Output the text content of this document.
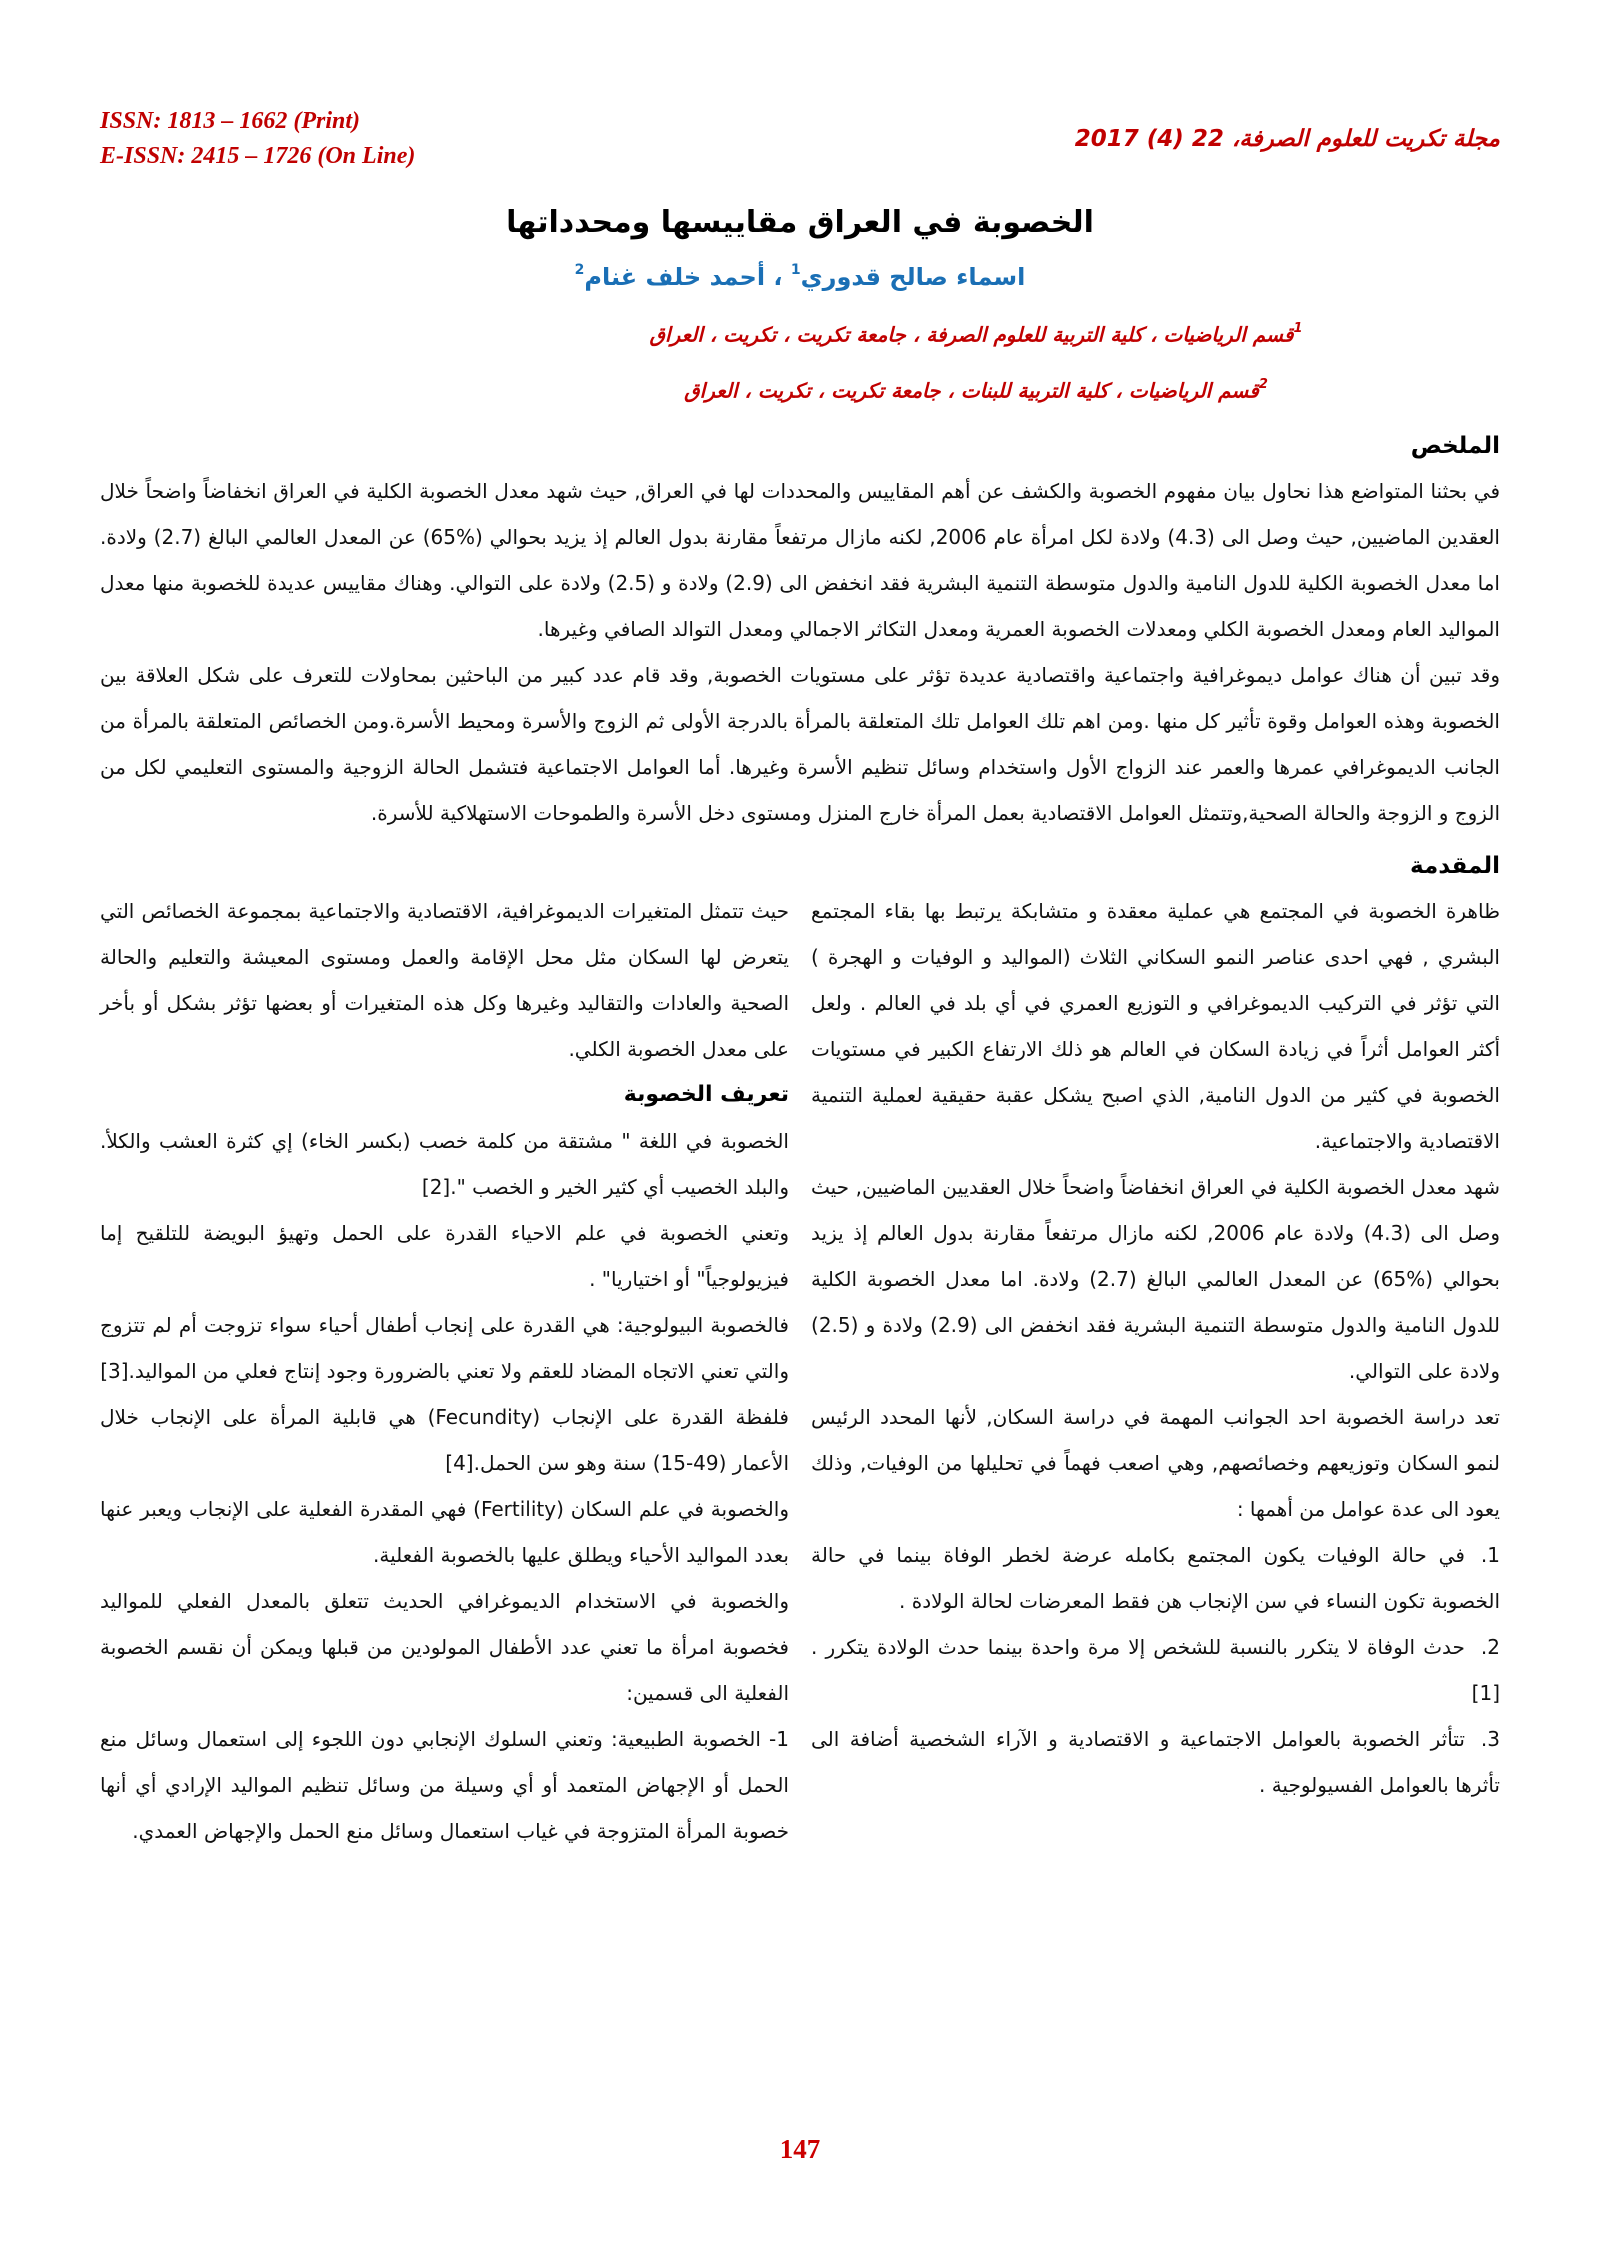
ISSN: 1813 – 1662 (Print)
E-ISSN: 2415 – 1726 (On Line)
مجلة تكريت للعلوم الصرفة، 22 (4) 2017
الخصوبة في العراق مقاييسها ومحدداتها
اسماء صالح قدوري$^1$ ، أحمد خلف غنام$^2$
$^1$قسم الرياضيات ، كلية التربية للعلوم الصرفة ، جامعة تكريت ، تكريت ، العراق
$^2$قسم الرياضيات ، كلية التربية للبنات ، جامعة تكريت ، تكريت ، العراق
الملخص

في بحثنا المتواضع هذا نحاول بيان مفهوم الخصوبة والكشف عن أهم المقاييس والمحددات لها في العراق, حيث شهد معدل الخصوبة الكلية في العراق انخفاضاً واضحاً خلال العقدين الماضيين, حيث وصل الى (4.3) ولادة لكل امرأة عام 2006, لكنه مازال مرتفعاً مقارنة بدول العالم إذ يزيد بحوالي (%65) عن المعدل العالمي البالغ (2.7) ولادة. اما معدل الخصوبة الكلية للدول النامية والدول متوسطة التنمية البشرية فقد انخفض الى (2.9) ولادة و (2.5) ولادة على التوالي. وهناك مقاييس عديدة للخصوبة منها معدل المواليد العام ومعدل الخصوبة الكلي ومعدلات الخصوبة العمرية ومعدل التكاثر الاجمالي ومعدل التوالد الصافي وغيرها.

وقد تبين أن هناك عوامل ديموغرافية واجتماعية واقتصادية عديدة تؤثر على مستويات الخصوبة, وقد قام عدد كبير من الباحثين بمحاولات للتعرف على شكل العلاقة بين الخصوبة وهذه العوامل وقوة تأثير كل منها .ومن اهم تلك العوامل تلك المتعلقة بالمرأة بالدرجة الأولى ثم الزوج والأسرة ومحيط الأسرة.ومن الخصائص المتعلقة بالمرأة من الجانب الديموغرافي عمرها والعمر عند الزواج الأول واستخدام وسائل تنظيم الأسرة وغيرها. أما العوامل الاجتماعية فتشمل الحالة الزوجية والمستوى التعليمي لكل من الزوج و الزوجة والحالة الصحية,وتتمثل العوامل الاقتصادية بعمل المرأة خارج المنزل ومستوى دخل الأسرة والطموحات الاستهلاكية للأسرة.

المقدمة

ظاهرة الخصوبة في المجتمع هي عملية معقدة و متشابكة يرتبط بها بقاء المجتمع البشري , فهي احدى عناصر النمو السكاني الثلاث (المواليد و الوفيات و الهجرة ) التي تؤثر في التركيب الديموغرافي و التوزيع العمري في أي بلد في العالم . ولعل أكثر العوامل أثراً في زيادة السكان في العالم هو ذلك الارتفاع الكبير في مستويات الخصوبة في كثير من الدول النامية, الذي اصبح يشكل عقبة حقيقية لعملية التنمية الاقتصادية والاجتماعية.

شهد معدل الخصوبة الكلية في العراق انخفاضاً واضحاً خلال العقديين الماضيين, حيث وصل الى (4.3) ولادة عام 2006, لكنه مازال مرتفعاً مقارنة بدول العالم إذ يزيد بحوالي (%65) عن المعدل العالمي البالغ (2.7) ولادة. اما معدل الخصوبة الكلية للدول النامية والدول متوسطة التنمية البشرية فقد انخفض الى (2.9) ولادة و (2.5) ولادة على التوالي.

تعد دراسة الخصوبة احد الجوانب المهمة في دراسة السكان, لأنها المحدد الرئيس لنمو السكان وتوزيعهم وخصائصهم, وهي اصعب فهماً في تحليلها من الوفيات, وذلك يعود الى عدة عوامل من أهمها :

1.في حالة الوفيات يكون المجتمع بكامله عرضة لخطر الوفاة بينما في حالة الخصوبة تكون النساء في سن الإنجاب هن فقط المعرضات لحالة الولادة .

2.حدث الوفاة لا يتكرر بالنسبة للشخص إلا مرة واحدة بينما حدث الولادة يتكرر .[1]

3.تتأثر الخصوبة بالعوامل الاجتماعية و الاقتصادية و الآراء الشخصية أضافة الى تأثرها بالعوامل الفسيولوجية .

حيث تتمثل المتغيرات الديموغرافية، الاقتصادية والاجتماعية بمجموعة الخصائص التي يتعرض لها السكان مثل محل الإقامة والعمل ومستوى المعيشة والتعليم والحالة الصحية والعادات والتقاليد وغيرها وكل هذه المتغيرات أو بعضها تؤثر بشكل أو بأخر على معدل الخصوبة الكلي.

تعريف الخصوبة

الخصوبة في اللغة " مشتقة من كلمة خصب (بكسر الخاء) إي كثرة العشب والكلأ. والبلد الخصيب أي كثير الخير و الخصب ".[2]

وتعني الخصوبة في علم الاحياء القدرة على الحمل وتهيؤ البويضة للتلقيح إما فيزيولوجياً" أو اختياريا" .

فالخصوبة البيولوجية: هي القدرة على إنجاب أطفال أحياء سواء تزوجت أم لم تتزوج والتي تعني الاتجاه المضاد للعقم ولا تعني بالضرورة وجود إنتاج فعلي من المواليد.[3]

فلفظة القدرة على الإنجاب (Fecundity) هي قابلية المرأة على الإنجاب خلال الأعمار (49-15) سنة وهو سن الحمل.[4]

والخصوبة في علم السكان (Fertility) فهي المقدرة الفعلية على الإنجاب ويعبر عنها بعدد المواليد الأحياء ويطلق عليها بالخصوبة الفعلية.

والخصوبة في الاستخدام الديموغرافي الحديث تتعلق بالمعدل الفعلي للمواليد فخصوبة امرأة ما تعني عدد الأطفال المولودين من قبلها ويمكن أن نقسم الخصوبة الفعلية الى قسمين:

1- الخصوبة الطبيعية: وتعني السلوك الإنجابي دون اللجوء إلى استعمال وسائل منع الحمل أو الإجهاض المتعمد أو أي وسيلة من وسائل تنظيم المواليد الإرادي أي أنها خصوبة المرأة المتزوجة في غياب استعمال وسائل منع الحمل والإجهاض العمدي.

147
